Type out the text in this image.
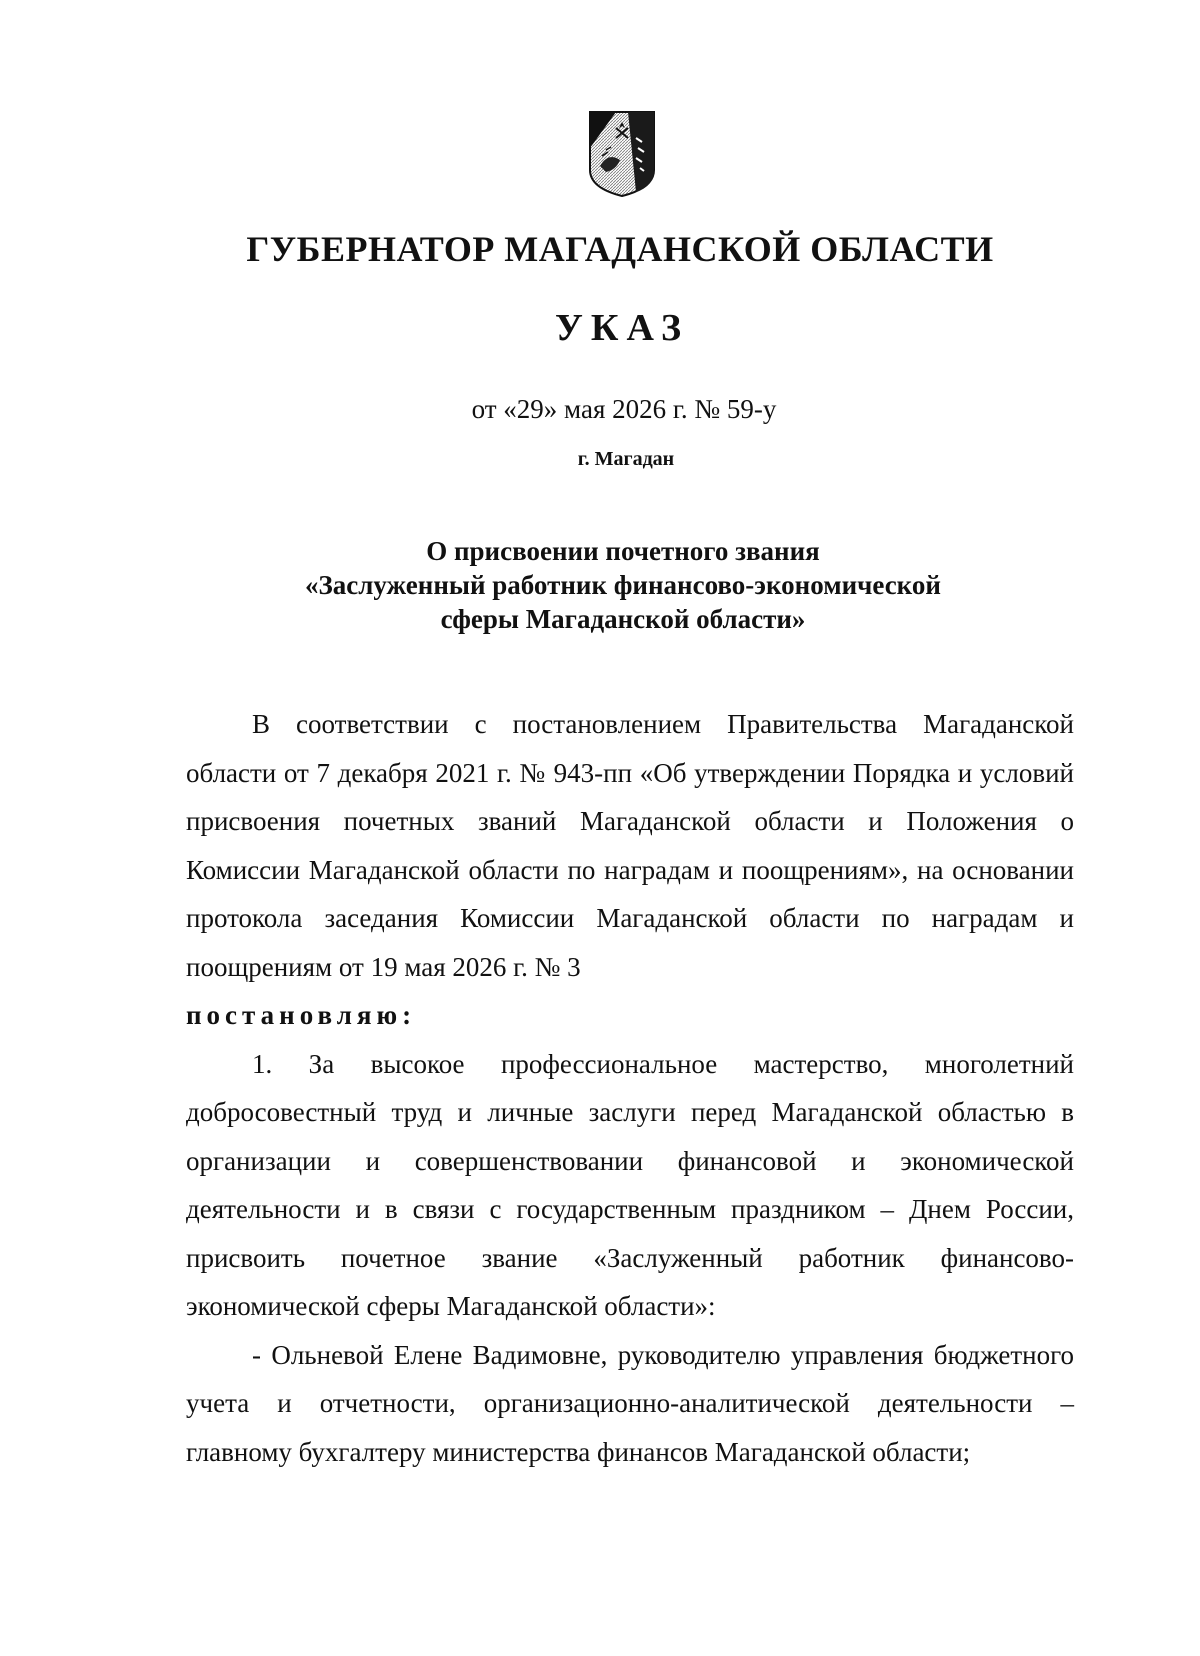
ГУБЕРНАТОР МАГАДАНСКОЙ ОБЛАСТИ
УКАЗ
от «29» мая 2026 г. № 59-у
г. Магадан
О присвоении почетного звания
«Заслуженный работник финансово-экономической
сферы Магаданской области»

В соответствии с постановлением Правительства Магаданской области от 7 декабря 2021 г. № 943-пп «Об утверждении Порядка и условий присвоения почетных званий Магаданской области и Положения о Комиссии Магаданской области по наградам и поощрениям», на основании протокола заседания Комиссии Магаданской области по наградам и поощрениям от 19 мая 2026 г. № 3

постановляю:

1. За высокое профессиональное мастерство, многолетний добросовестный труд и личные заслуги перед Магаданской областью в организации и совершенствовании финансовой и экономической деятельности и в связи с государственным праздником – Днем России, присвоить почетное звание «Заслуженный работник финансово-экономической сферы Магаданской области»:

- Ольневой Елене Вадимовне, руководителю управления бюджетного учета и отчетности, организационно-аналитической деятельности – главному бухгалтеру министерства финансов Магаданской области;
